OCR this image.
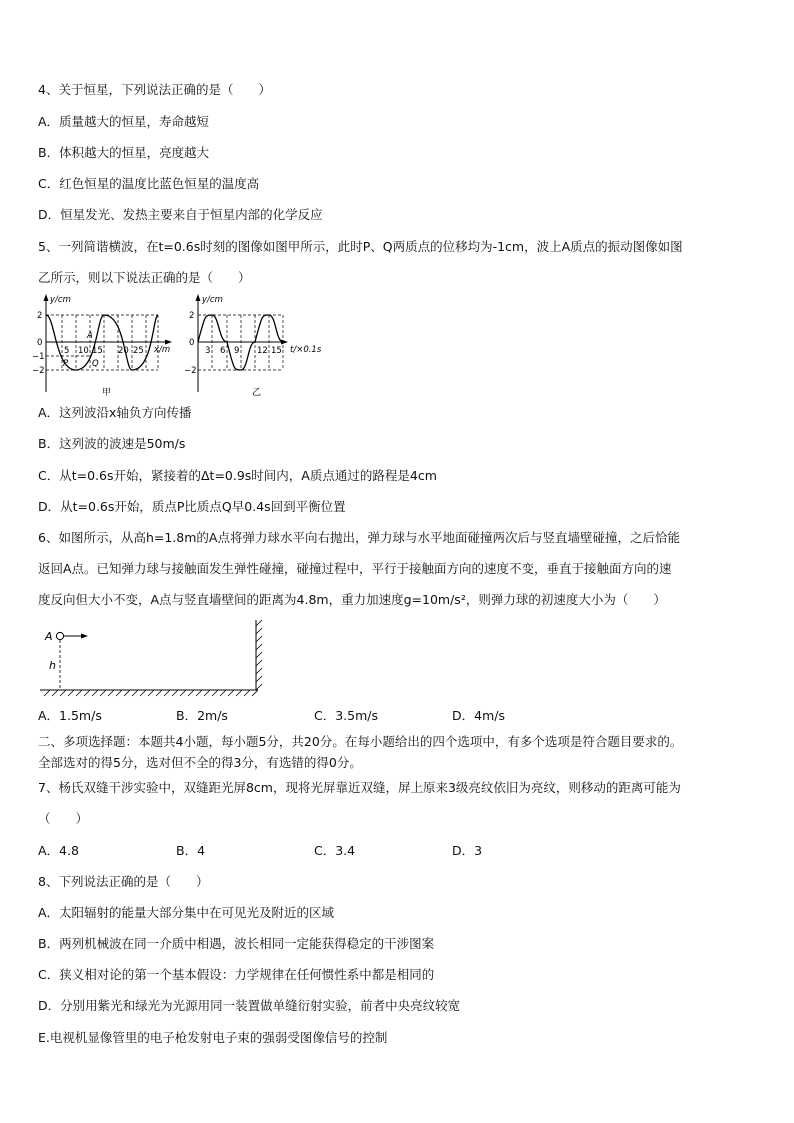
4、关于恒星，下列说法正确的是（　　）
A．质量越大的恒星，寿命越短
B．体积越大的恒星，亮度越大
C．红色恒星的温度比蓝色恒星的温度高
D．恒星发光、发热主要来自于恒星内部的化学反应
5、一列简谐横波，在t=0.6s时刻的图像如图甲所示，此时P、Q两质点的位移均为-1cm，波上A质点的振动图像如图
乙所示，则以下说法正确的是（　　）
y/cm
x/m
2
0
−1
−2
5 10 15 20 25
A
P	Q
甲
y/cm
t/×0.1s
2
0
−2
3 6 9 12 15
乙
A．这列波沿x轴负方向传播
B．这列波的波速是50m/s
C．从t=0.6s开始，紧接着的Δt=0.9s时间内，A质点通过的路程是4cm
D．从t=0.6s开始，质点P比质点Q早0.4s回到平衡位置
6、如图所示，从高h=1.8m的A点将弹力球水平向右抛出，弹力球与水平地面碰撞两次后与竖直墙壁碰撞，之后恰能
返回A点。已知弹力球与接触面发生弹性碰撞，碰撞过程中，平行于接触面方向的速度不变，垂直于接触面方向的速
度反向但大小不变，A点与竖直墙壁间的距离为4.8m，重力加速度g=10m/s²，则弹力球的初速度大小为（　　）
A
h
A．1.5m/s	B．2m/s	C．3.5m/s	D．4m/s
二、多项选择题：本题共4小题，每小题5分，共20分。在每小题给出的四个选项中，有多个选项是符合题目要求的。
全部选对的得5分，选对但不全的得3分，有选错的得0分。
7、杨氏双缝干涉实验中，双缝距光屏8cm，现将光屏靠近双缝，屏上原来3级亮纹依旧为亮纹，则移动的距离可能为
（　　）
A．4.8	B．4	C．3.4	D．3
8、下列说法正确的是（　　）
A．太阳辐射的能量大部分集中在可见光及附近的区域
B．两列机械波在同一介质中相遇，波长相同一定能获得稳定的干涉图案
C．狭义相对论的第一个基本假设：力学规律在任何惯性系中都是相同的
D．分别用紫光和绿光为光源用同一装置做单缝衍射实验，前者中央亮纹较宽
E.电视机显像管里的电子枪发射电子束的强弱受图像信号的控制
